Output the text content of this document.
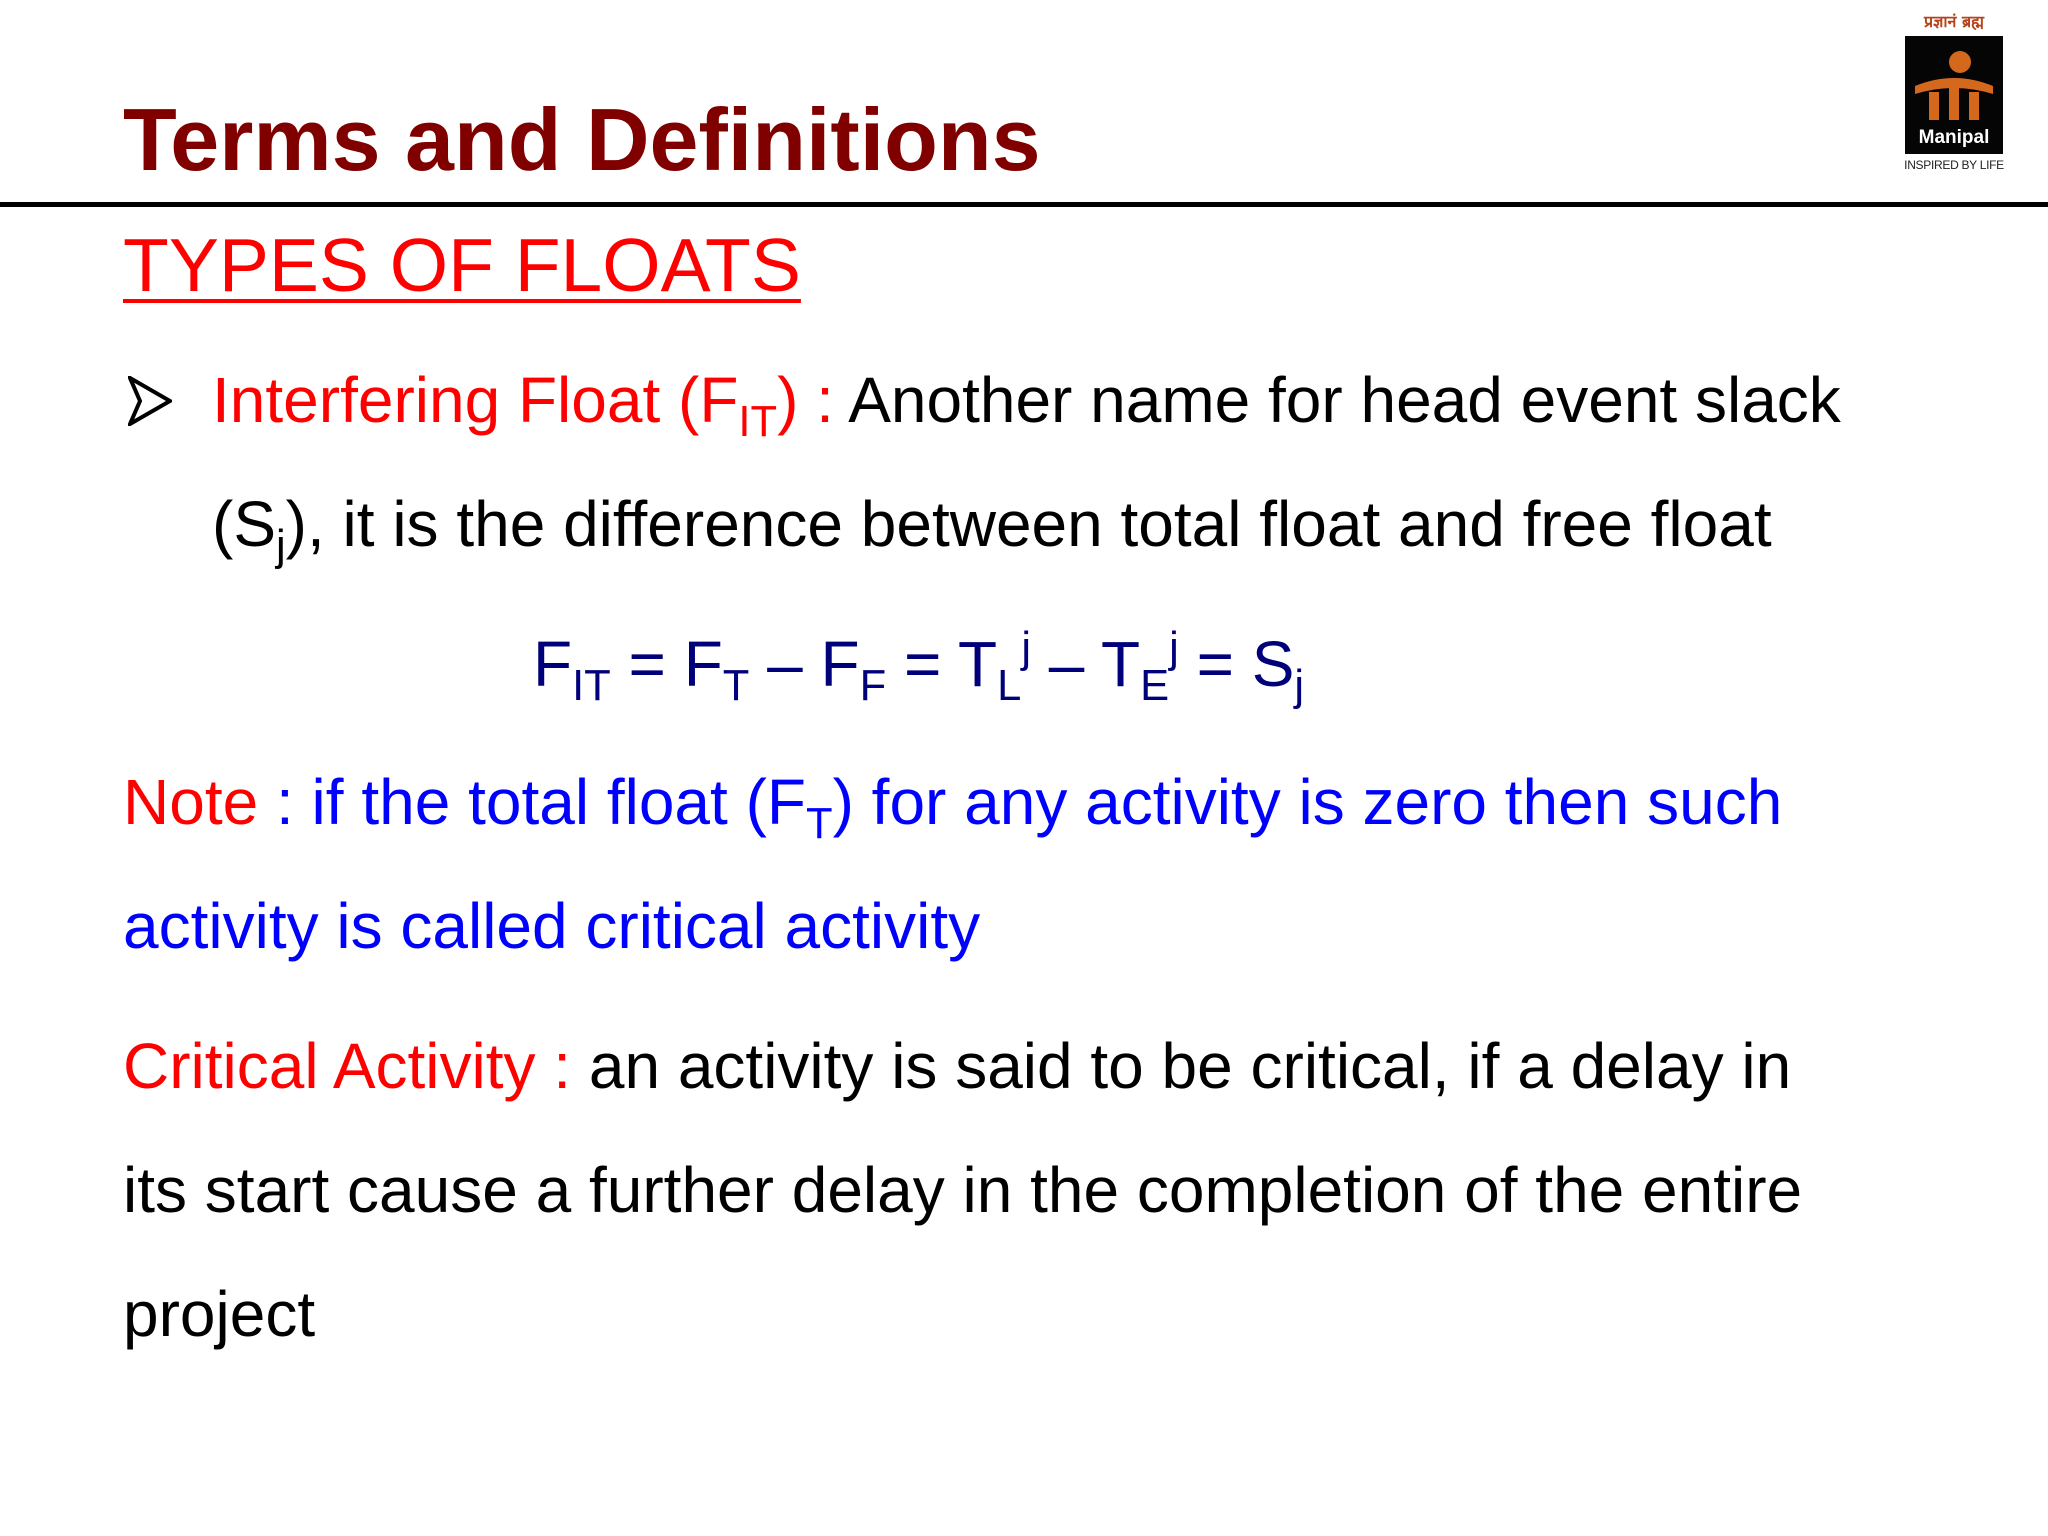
Terms and Definitions
प्रज्ञानं ब्रह्म
Manipal
INSPIRED BY LIFE
TYPES OF FLOATS
Interfering Float $(F_{IT})$ : Another name for head event slack
$(S_j)$, it is the difference between total float and free float
$F_{IT} = F_T - F_F = T_L^j - T_E^j = S_j$
Note : if the total float $(F_T)$ for any activity is zero then such
activity is called critical activity
Critical Activity : an activity is said to be critical, if a delay in
its start cause a further delay in the completion of the entire
project
